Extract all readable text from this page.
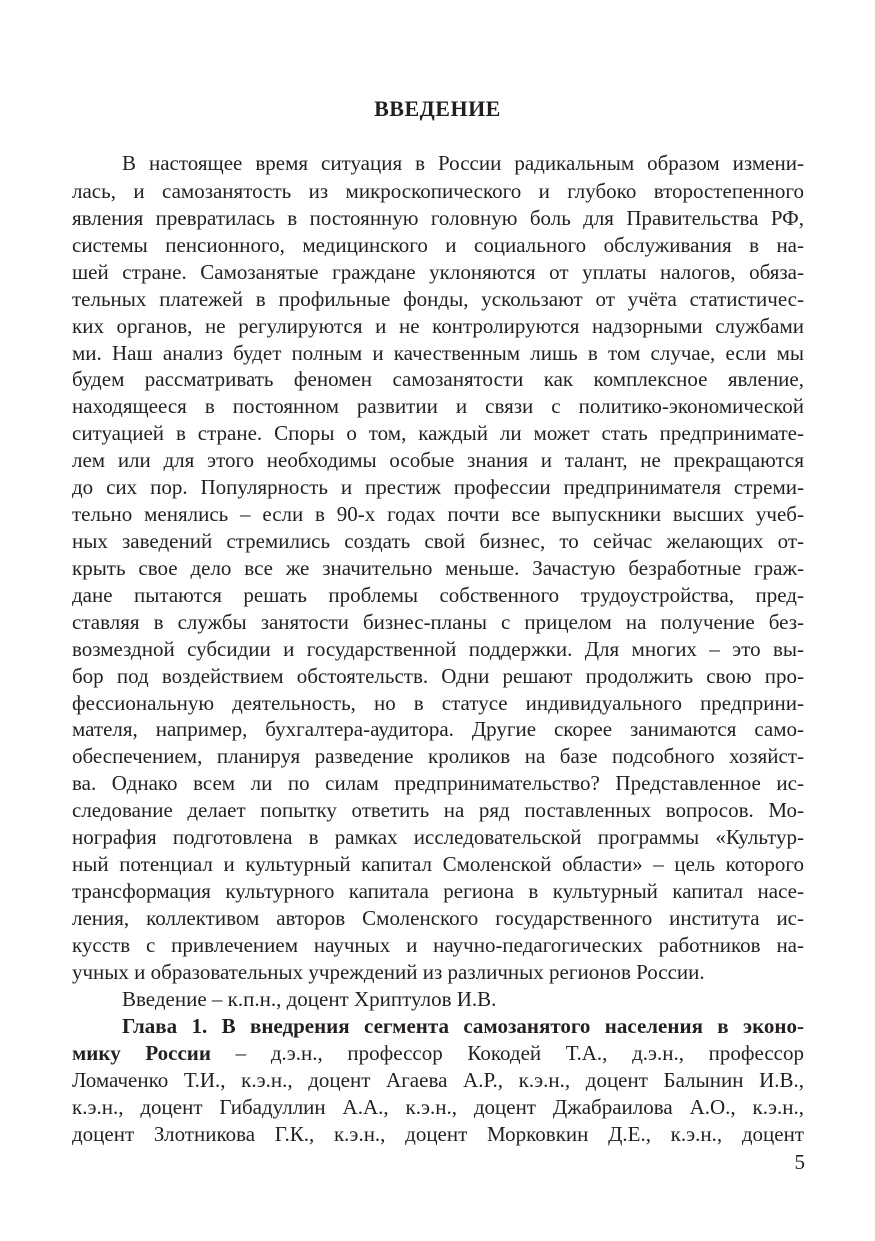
ВВЕДЕНИЕ
В настоящее время ситуация в России радикальным образом измени-
лась, и самозанятость из микроскопического и глубоко второстепенного
явления превратилась в постоянную головную боль для Правительства РФ,
системы пенсионного, медицинского и социального обслуживания в на-
шей стране. Самозанятые граждане уклоняются от уплаты налогов, обяза-
тельных платежей в профильные фонды, ускользают от учёта статистичес-
ких органов, не регулируются и не контролируются надзорными службами
ми. Наш анализ будет полным и качественным лишь в том случае, если мы
будем рассматривать феномен самозанятости как комплексное явление,
находящееся в постоянном развитии и связи с политико-экономической
ситуацией в стране. Споры о том, каждый ли может стать предпринимате-
лем или для этого необходимы особые знания и талант, не прекращаются
до сих пор. Популярность и престиж профессии предпринимателя стреми-
тельно менялись – если в 90-х годах почти все выпускники высших учеб-
ных заведений стремились создать свой бизнес, то сейчас желающих от-
крыть свое дело все же значительно меньше. Зачастую безработные граж-
дане пытаются решать проблемы собственного трудоустройства, пред-
ставляя в службы занятости бизнес-планы с прицелом на получение без-
возмездной субсидии и государственной поддержки. Для многих – это вы-
бор под воздействием обстоятельств. Одни решают продолжить свою про-
фессиональную деятельность, но в статусе индивидуального предприни-
мателя, например, бухгалтера-аудитора. Другие скорее занимаются само-
обеспечением, планируя разведение кроликов на базе подсобного хозяйст-
ва. Однако всем ли по силам предпринимательство? Представленное ис-
следование делает попытку ответить на ряд поставленных вопросов. Мо-
нография подготовлена в рамках исследовательской программы «Культур-
ный потенциал и культурный капитал Смоленской области» – цель которого
трансформация культурного капитала региона в культурный капитал насе-
ления, коллективом авторов Смоленского государственного института ис-
кусств с привлечением научных и научно-педагогических работников на-
учных и образовательных учреждений из различных регионов России.
Введение – к.п.н., доцент Хриптулов И.В.
Глава 1. В внедрения сегмента самозанятого населения в эконо-
мику России – д.э.н., профессор Кокодей Т.А., д.э.н., профессор
Ломаченко Т.И., к.э.н., доцент Агаева А.Р., к.э.н., доцент Балынин И.В.,
к.э.н., доцент Гибадуллин А.А., к.э.н., доцент Джабраилова А.О., к.э.н.,
доцент Злотникова Г.К., к.э.н., доцент Морковкин Д.Е., к.э.н., доцент
5
